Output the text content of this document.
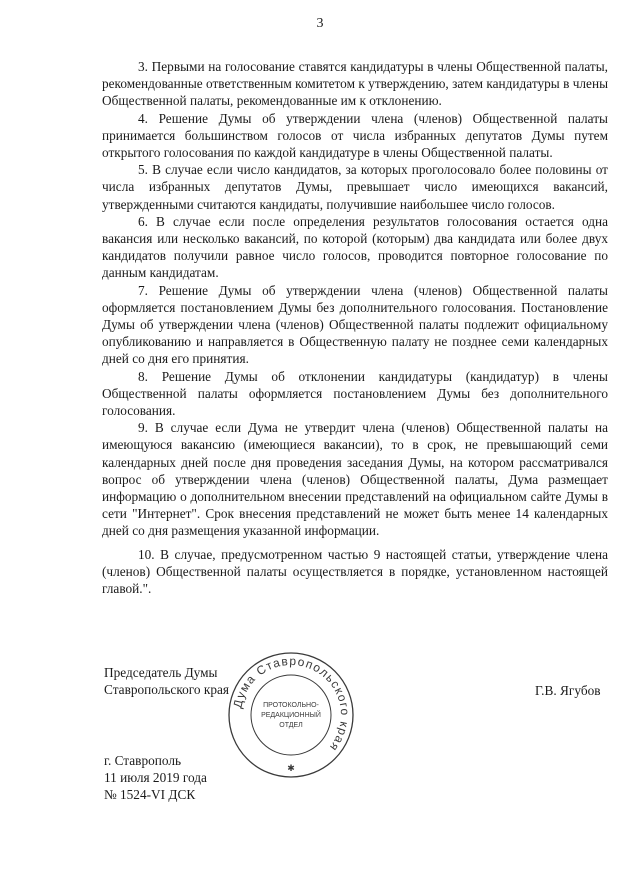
3

3. Первыми на голосование ставятся кандидатуры в члены Общественной палаты, рекомендованные ответственным комитетом к утверждению, затем кандидатуры в члены Общественной палаты, рекомендованные им к отклонению.

4. Решение Думы об утверждении члена (членов) Общественной палаты принимается большинством голосов от числа избранных депутатов Думы путем открытого голосования по каждой кандидатуре в члены Общественной палаты.

5. В случае если число кандидатов, за которых проголосовало более половины от числа избранных депутатов Думы, превышает число имеющихся вакансий, утвержденными считаются кандидаты, получившие наибольшее число голосов.

6. В случае если после определения результатов голосования остается одна вакансия или несколько вакансий, по которой (которым) два кандидата или более двух кандидатов получили равное число голосов, проводится повторное голосование по данным кандидатам.

7. Решение Думы об утверждении члена (членов) Общественной палаты оформляется постановлением Думы без дополнительного голосования. Постановление Думы об утверждении члена (членов) Общественной палаты подлежит официальному опубликованию и направляется в Общественную палату не позднее семи календарных дней со дня его принятия.

8. Решение Думы об отклонении кандидатуры (кандидатур) в члены Общественной палаты оформляется постановлением Думы без дополнительного голосования.

9. В случае если Дума не утвердит члена (членов) Общественной палаты на имеющуюся вакансию (имеющиеся вакансии), то в срок, не превышающий семи календарных дней после дня проведения заседания Думы, на котором рассматривался вопрос об утверждении члена (членов) Общественной палаты, Дума размещает информацию о дополнительном внесении представлений на официальном сайте Думы в сети "Интернет". Срок внесения представлений не может быть менее 14 календарных дней со дня размещения указанной информации.

10. В случае, предусмотренном частью 9 настоящей статьи, утверждение члена (членов) Общественной палаты осуществляется в порядке, установленном настоящей главой.".

Председатель Думы
Ставропольского края
Дума Ставропольского края
ПРОТОКОЛЬНО-
РЕДАКЦИОННЫЙ
ОТДЕЛ
✱
Г.В. Ягубов
г. Ставрополь
11 июля 2019 года
№ 1524-VI ДСК
